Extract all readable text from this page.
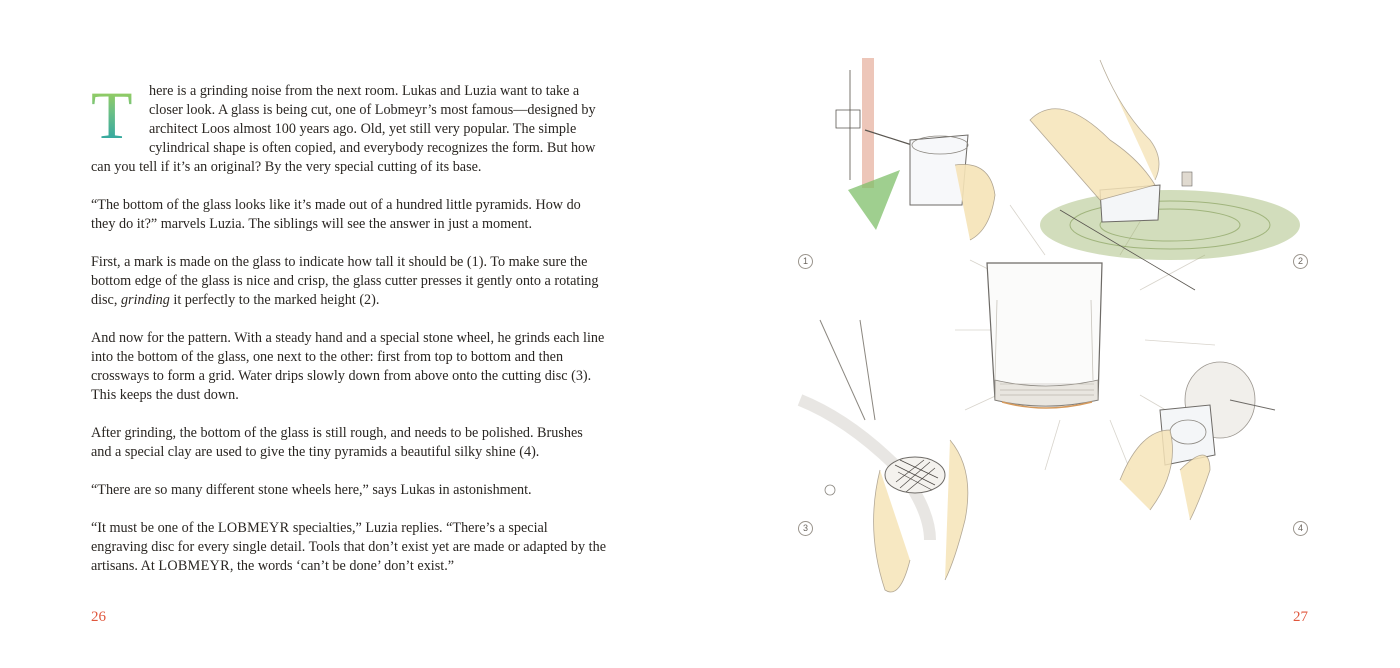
T	here is a grinding noise from the next room. Lukas and Luzia want to take a closer look. A glass is being cut, one of Lobmeyr’s most famous—designed by architect Loos almost 100 years ago. Old, yet still very popular. The simple cylindrical shape is often copied, and everybody recognizes the form. But how can you tell if it’s an original? By the very special cutting of its base.

“The bottom of the glass looks like it’s made out of a hundred little pyramids. How do they do it?” marvels Luzia. The siblings will see the answer in just a moment.

First, a mark is made on the glass to indicate how tall it should be (1). To make sure the bottom edge of the glass is nice and crisp, the glass cutter presses it gently onto a rotating disc, grinding it perfectly to the marked height (2).

And now for the pattern. With a steady hand and a special stone wheel, he grinds each line into the bottom of the glass, one next to the other: first from top to bottom and then crossways to form a grid. Water drips slowly down from above onto the cutting disc (3). This keeps the dust down.

After grinding, the bottom of the glass is still rough, and needs to be polished. Brushes and a special clay are used to give the tiny pyramids a beautiful silky shine (4).

“There are so many different stone wheels here,” says Lukas in astonishment.

“It must be one of the LOBMEYR specialties,” Luzia replies. “There’s a special engraving disc for every single detail. Tools that don’t exist yet are made or adapted by the artisans. At LOBMEYR, the words ‘can’t be done’ don’t exist.”

26
1	2
3	4
27
